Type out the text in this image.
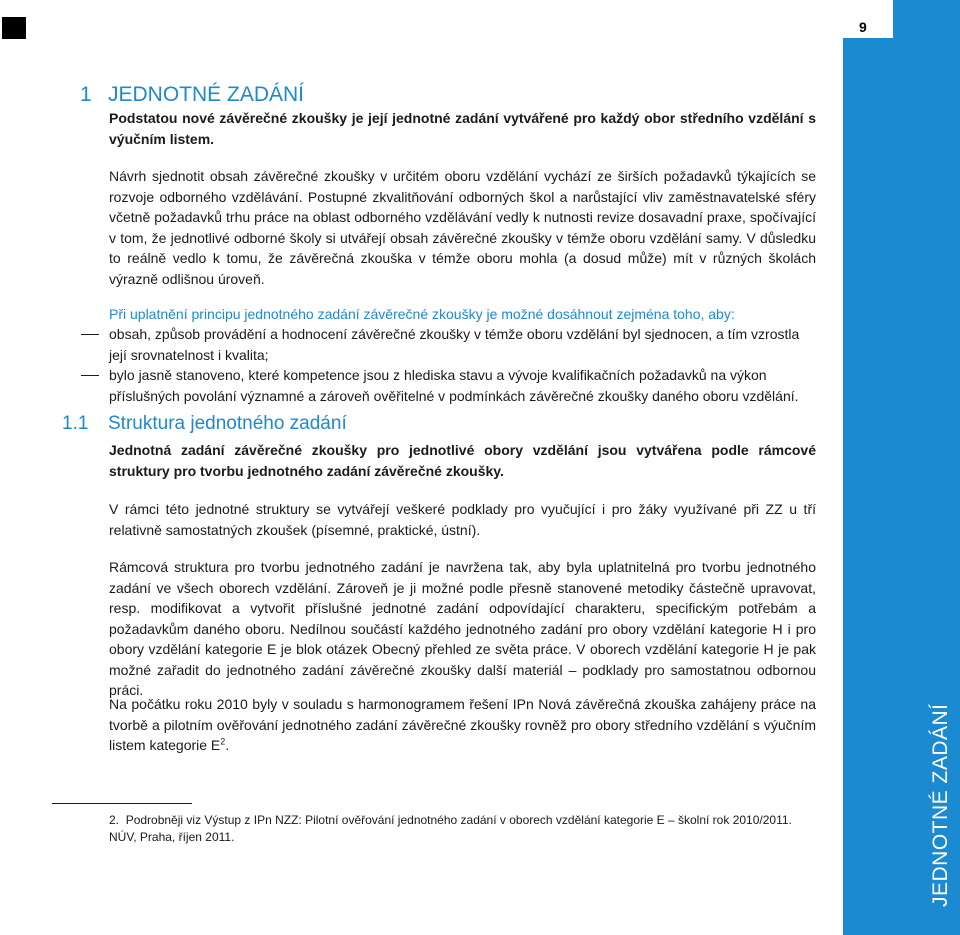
9
JEDNOTNÉ ZADÁNÍ
1 JEDNOTNÉ ZADÁNÍ

Podstatou nové závěrečné zkoušky je její jednotné zadání vytvářené pro každý obor středního vzdělání s výučním listem.

Návrh sjednotit obsah závěrečné zkoušky v určitém oboru vzdělání vychází ze širších požadavků týkajících se rozvoje odborného vzdělávání. Postupné zkvalitňování odborných škol a narůstající vliv zaměstnavatelské sféry včetně požadavků trhu práce na oblast odborného vzdělávání vedly k nutnosti revize dosavadní praxe, spočívající v tom, že jednotlivé odborné školy si utvářejí obsah závěrečné zkoušky v témže oboru vzdělání samy. V důsledku to reálně vedlo k tomu, že závěrečná zkouška v témže oboru mohla (a dosud může) mít v různých školách výrazně odlišnou úroveň.

Při uplatnění principu jednotného zadání závěrečné zkoušky je možné dosáhnout zejména toho, aby:

obsah, způsob provádění a hodnocení závěrečné zkoušky v témže oboru vzdělání byl sjednocen, a tím vzrostla její srovnatelnost i kvalita;
bylo jasně stanoveno, které kompetence jsou z hlediska stavu a vývoje kvalifikačních požadavků na výkon příslušných povolání významné a zároveň ověřitelné v podmínkách závěrečné zkoušky daného oboru vzdělání.
1.1 Struktura jednotného zadání

Jednotná zadání závěrečné zkoušky pro jednotlivé obory vzdělání jsou vytvářena podle rámcové struktury pro tvorbu jednotného zadání závěrečné zkoušky.

V rámci této jednotné struktury se vytvářejí veškeré podklady pro vyučující i pro žáky využívané při ZZ u tří relativně samostatných zkoušek (písemné, praktické, ústní).

Rámcová struktura pro tvorbu jednotného zadání je navržena tak, aby byla uplatnitelná pro tvorbu jednotného zadání ve všech oborech vzdělání. Zároveň je ji možné podle přesně stanovené metodiky částečně upravovat, resp. modifikovat a vytvořit příslušné jednotné zadání odpovídající charakteru, specifickým potřebám a požadavkům daného oboru. Nedílnou součástí každého jednotného zadání pro obory vzdělání kategorie H i pro obory vzdělání kategorie E je blok otázek Obecný přehled ze světa práce. V oborech vzdělání kategorie H je pak možné zařadit do jednotného zadání závěrečné zkoušky další materiál – podklady pro samostatnou odbornou práci.

Na počátku roku 2010 byly v souladu s harmonogramem řešení IPn Nová závěrečná zkouška zahájeny práce na tvorbě a pilotním ověřování jednotného zadání závěrečné zkoušky rovněž pro obory středního vzdělání s výučním listem kategorie $E^2$.

2. Podrobněji viz Výstup z IPn NZZ: Pilotní ověřování jednotného zadání v oborech vzdělání kategorie E – školní rok 2010/2011. NÚV, Praha, říjen 2011.
